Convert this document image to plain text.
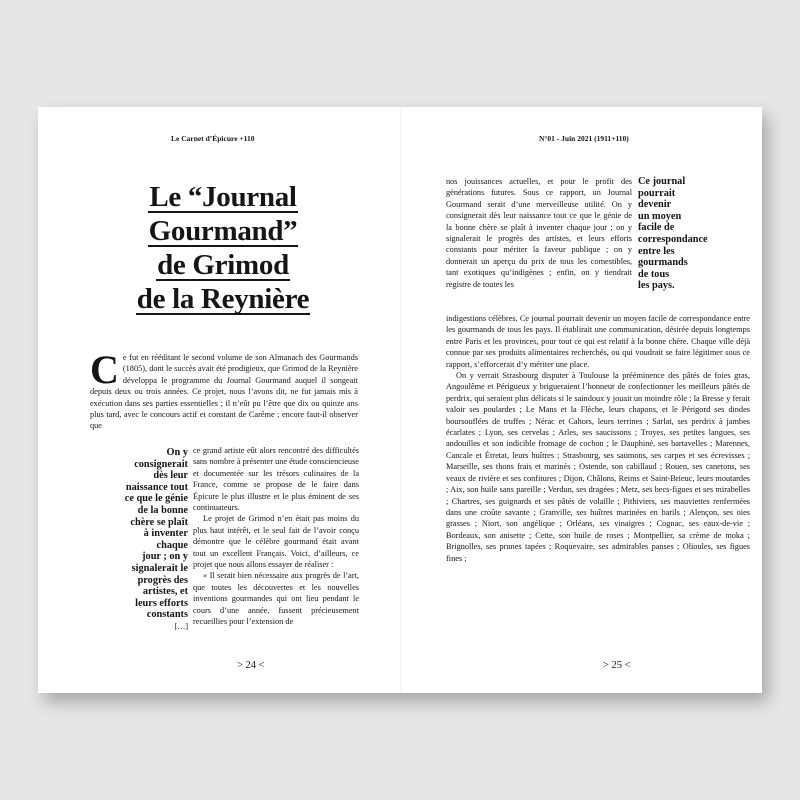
Le Carnet d’Épicure +110
Le “Journal
Gourmand”
de Grimod
de la Reynière
C e fut en rééditant le second volume de son Almanach des Gourmands (1805), dont le succès avait été prodigieux, que Grimod de la Reynière développa le programme du Journal Gourmand auquel il songeait depuis deux ou trois années. Ce projet, nous l’avons dit, ne fut jamais mis à exécution dans ses parties essentielles ; il n’eût pu l’être que dix ou quinze ans plus tard, avec le concours actif et constant de Carême ; encore faut-il observer que
On y
consignerait
dès leur
naissance tout
ce que le génie
de la bonne
chère se plaît
à inventer
chaque
jour ; on y
signalerait le
progrès des
artistes, et
leurs efforts
constants
[…]

ce grand artiste eût alors rencontré des difficultés sans nombre à présenter une étude consciencieuse et documentée sur les trésors culinaires de la France, comme se propose de le faire dans Épicure le plus illustre et le plus éminent de ses continuateurs.

Le projet de Grimod n’en était pas moins du plus haut intérêt, et le seul fait de l’avoir conçu démontre que le célèbre gourmand était avant tout un excellent Français. Voici, d’ailleurs, ce projet que nous allons essayer de réaliser :

« Il serait bien nécessaire aux progrès de l’art, que toutes les découvertes et les nouvelles inventions gourmandes qui ont lieu pendant le cours d’une année, fussent précieusement recueillies pour l’extension de

> 24 <
N°01 - Juin 2021 (1911+110)

nos jouissances actuelles, et pour le profit des générations futures. Sous ce rapport, un Journal Gourmand serait d’une merveilleuse utilité. On y consignerait dès leur naissance tout ce que le génie de la bonne chère se plaît à inventer chaque jour ; on y signalerait le progrès des artistes, et leurs efforts constants pour mériter la faveur publique ; on y donnerait un aperçu du prix de tous les comestibles, tant exotiques qu’indigènes ; enfin, on y tiendrait registre de toutes les

Ce journal
pourrait
devenir
un moyen
facile de
correspondance
entre les
gourmands
de tous
les pays.

indigestions célèbres. Ce journal pourrait devenir un moyen facile de correspondance entre les gourmands de tous les pays. Il établirait une communication, désirée depuis longtemps entre Paris et les provinces, pour tout ce qui est relatif à la bonne chère. Chaque ville déjà connue par ses produits alimentaires recherchés, ou qui voudrait se faire légitimer sous ce rapport, s’efforcerait d’y mériter une place.

On y verrait Strasbourg disputer à Toulouse la prééminence des pâtés de foies gras, Angoulême et Périgueux y brigueraient l’honneur de confectionner les meilleurs pâtés de perdrix, qui seraient plus délicats si le saindoux y jouait un moindre rôle ; la Bresse y ferait valoir ses poulardes ; Le Mans et la Flèche, leurs chapons, et le Périgord ses dindes boursouflées de truffes ; Nérac et Cahors, leurs terrines ; Sarlat, ses perdrix à jambes écarlates ; Lyon, ses cervelas ; Arles, ses saucissons ; Troyes, ses petites langues, ses andouilles et son indicible fromage de cochon ; le Dauphiné, ses bartavelles ; Marennes, Cancale et Étretat, leurs huîtres ; Strasbourg, ses saumons, ses carpes et ses écrevisses ; Marseille, ses thons frais et marinés ; Ostende, son cabillaud ; Rouen, ses canetons, ses veaux de rivière et ses confitures ; Dijon, Châlons, Reims et Saint-Brieuc, leurs moutardes ; Aix, son huile sans pareille ; Verdun, ses dragées ; Metz, ses becs-figues et ses mirabelles ; Chartres, ses guignards et ses pâtés de volaille ; Pithiviers, ses mauviettes renfermées dans une croûte savante ; Granville, ses huîtres marinées en barils ; Alençon, ses oies grasses ; Niort, son angélique ; Orléans, ses vinaigres ; Cognac, ses eaux-de-vie ; Bordeaux, son anisette ; Cette, son huile de roses ; Montpellier, sa crème de moka ; Brignolles, ses prunes tapées ; Roquevaire, ses admirables panses ; Olioules, ses figues fines ;

> 25 <
